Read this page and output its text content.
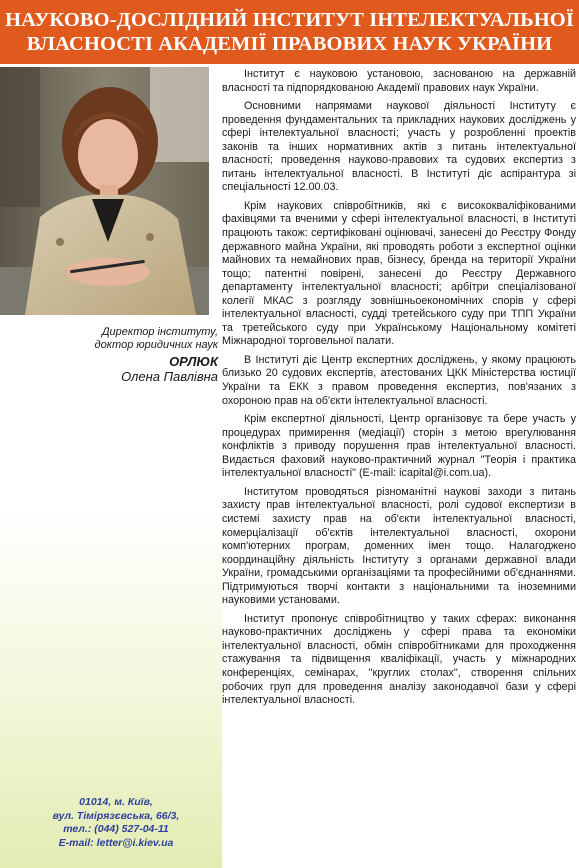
НАУКОВО-ДОСЛІДНИЙ ІНСТИТУТ ІНТЕЛЕКТУАЛЬНОЇ
ВЛАСНОСТІ АКАДЕМІЇ ПРАВОВИХ НАУК УКРАЇНИ
Директор інституту,
доктор юридичних наук
ОРЛЮК
Олена Павлівна
01014, м. Київ,
вул. Тімірязєвська, 66/3,
тел.: (044) 527-04-11
E-mail: letter@i.kiev.ua

Інститут є науковою установою, заснованою на державній власності та підпорядкованою Академії правових наук України.

Основними напрямами наукової діяльності Інституту є проведення фундаментальних та прикладних наукових досліджень у сфері інтелектуальної власності; участь у розробленні проектів законів та інших нормативних актів з питань інтелектуальної власності; проведення науково-правових та судових експертиз з питань інтелектуальної власності. В Інституті діє аспірантура зі спеціальності 12.00.03.

Крім наукових співробітників, які є висококваліфікованими фахівцями та вченими у сфері інтелектуальної власності, в Інституті працюють також: сертифіковані оцінювачі, занесені до Реєстру Фонду державного майна України, які проводять роботи з експертної оцінки майнових та немайнових прав, бізнесу, бренда на території України тощо; патентні повірені, занесені до Реєстру Державного департаменту інтелектуальної власності; арбітри спеціалізованої колегії МКАС з розгляду зовнішньоекономічних спорів у сфері інтелектуальної власності, судді третейського суду при ТПП України та третейського суду при Українському Національному комітеті Міжнародної торговельної палати.

В Інституті діє Центр експертних досліджень, у якому працюють близько 20 судових експертів, атестованих ЦКК Міністерства юстиції України та ЕКК з правом проведення експертиз, пов'язаних з охороною прав на об'єкти інтелектуальної власності.

Крім експертної діяльності, Центр організовує та бере участь у процедурах примирення (медіації) сторін з метою врегулювання конфліктів з приводу порушення прав інтелектуальної власності. Видається фаховий науково-практичний журнал "Теорія і практика інтелектуальної власності" (E-mail: icapital@i.com.ua).

Інститутом проводяться різноманітні наукові заходи з питань захисту прав інтелектуальної власності, ролі судової експертизи в системі захисту прав на об'єкти інтелектуальної власності, комерціалізації об'єктів інтелектуальної власності, охорони комп'ютерних програм, доменних імен тощо. Налагоджено координаційну діяльність Інституту з органами державної влади України, громадськими організаціями та професійними об'єднаннями. Підтримуються творчі контакти з національними та іноземними науковими установами.

Інститут пропонує співробітництво у таких сферах: виконання науково-практичних досліджень у сфері права та економіки інтелектуальної власності, обмін співробітниками для проходження стажування та підвищення кваліфікації, участь у міжнародних конференціях, семінарах, "круглих столах", створення спільних робочих груп для проведення аналізу законодавчої бази у сфері інтелектуальної власності.
